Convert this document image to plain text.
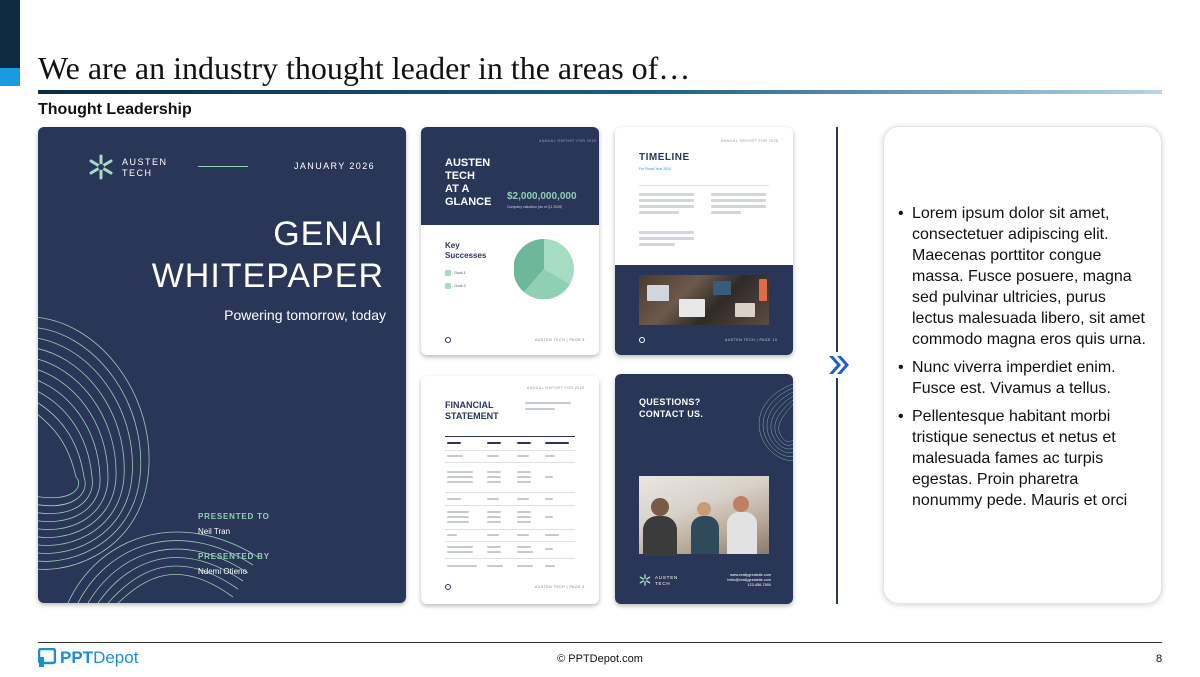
We are an industry thought leader in the areas of…
Thought Leadership
AUSTEN
TECH
JANUARY 2026
GENAI
WHITEPAPER
Powering tomorrow, today
PRESENTED TO
Neil Tran
PRESENTED BY
Ndemi Otieno
ANNUAL REPORT FOR 2025
AUSTEN
TECH
AT A
GLANCE $2,000,000,000
Company valuation (as of Q1 2025)
Key
Successes
Goal 1
Goal 2
AUSTEN TECH | PAGE 3
ANNUAL REPORT FOR 2025
TIMELINE
For Fiscal Year 2024
AUSTEN TECH | PAGE 10
ANNUAL REPORT FOR 2025
FINANCIAL
STATEMENT
AUSTEN TECH | PAGE 5
QUESTIONS?
CONTACT US.
AUSTEN
TECH
www.reallygreatsite.com
hello@reallygreatsite.com
123-456-7890
• Lorem ipsum dolor sit amet, consectetuer adipiscing elit. Maecenas porttitor congue massa. Fusce posuere, magna sed pulvinar ultricies, purus lectus malesuada libero, sit amet commodo magna eros quis urna.
• Nunc viverra imperdiet enim. Fusce est. Vivamus a tellus.
• Pellentesque habitant morbi tristique senectus et netus et malesuada fames ac turpis egestas. Proin pharetra nonummy pede. Mauris et orci
PPTDepot	© PPTDepot.com	8
